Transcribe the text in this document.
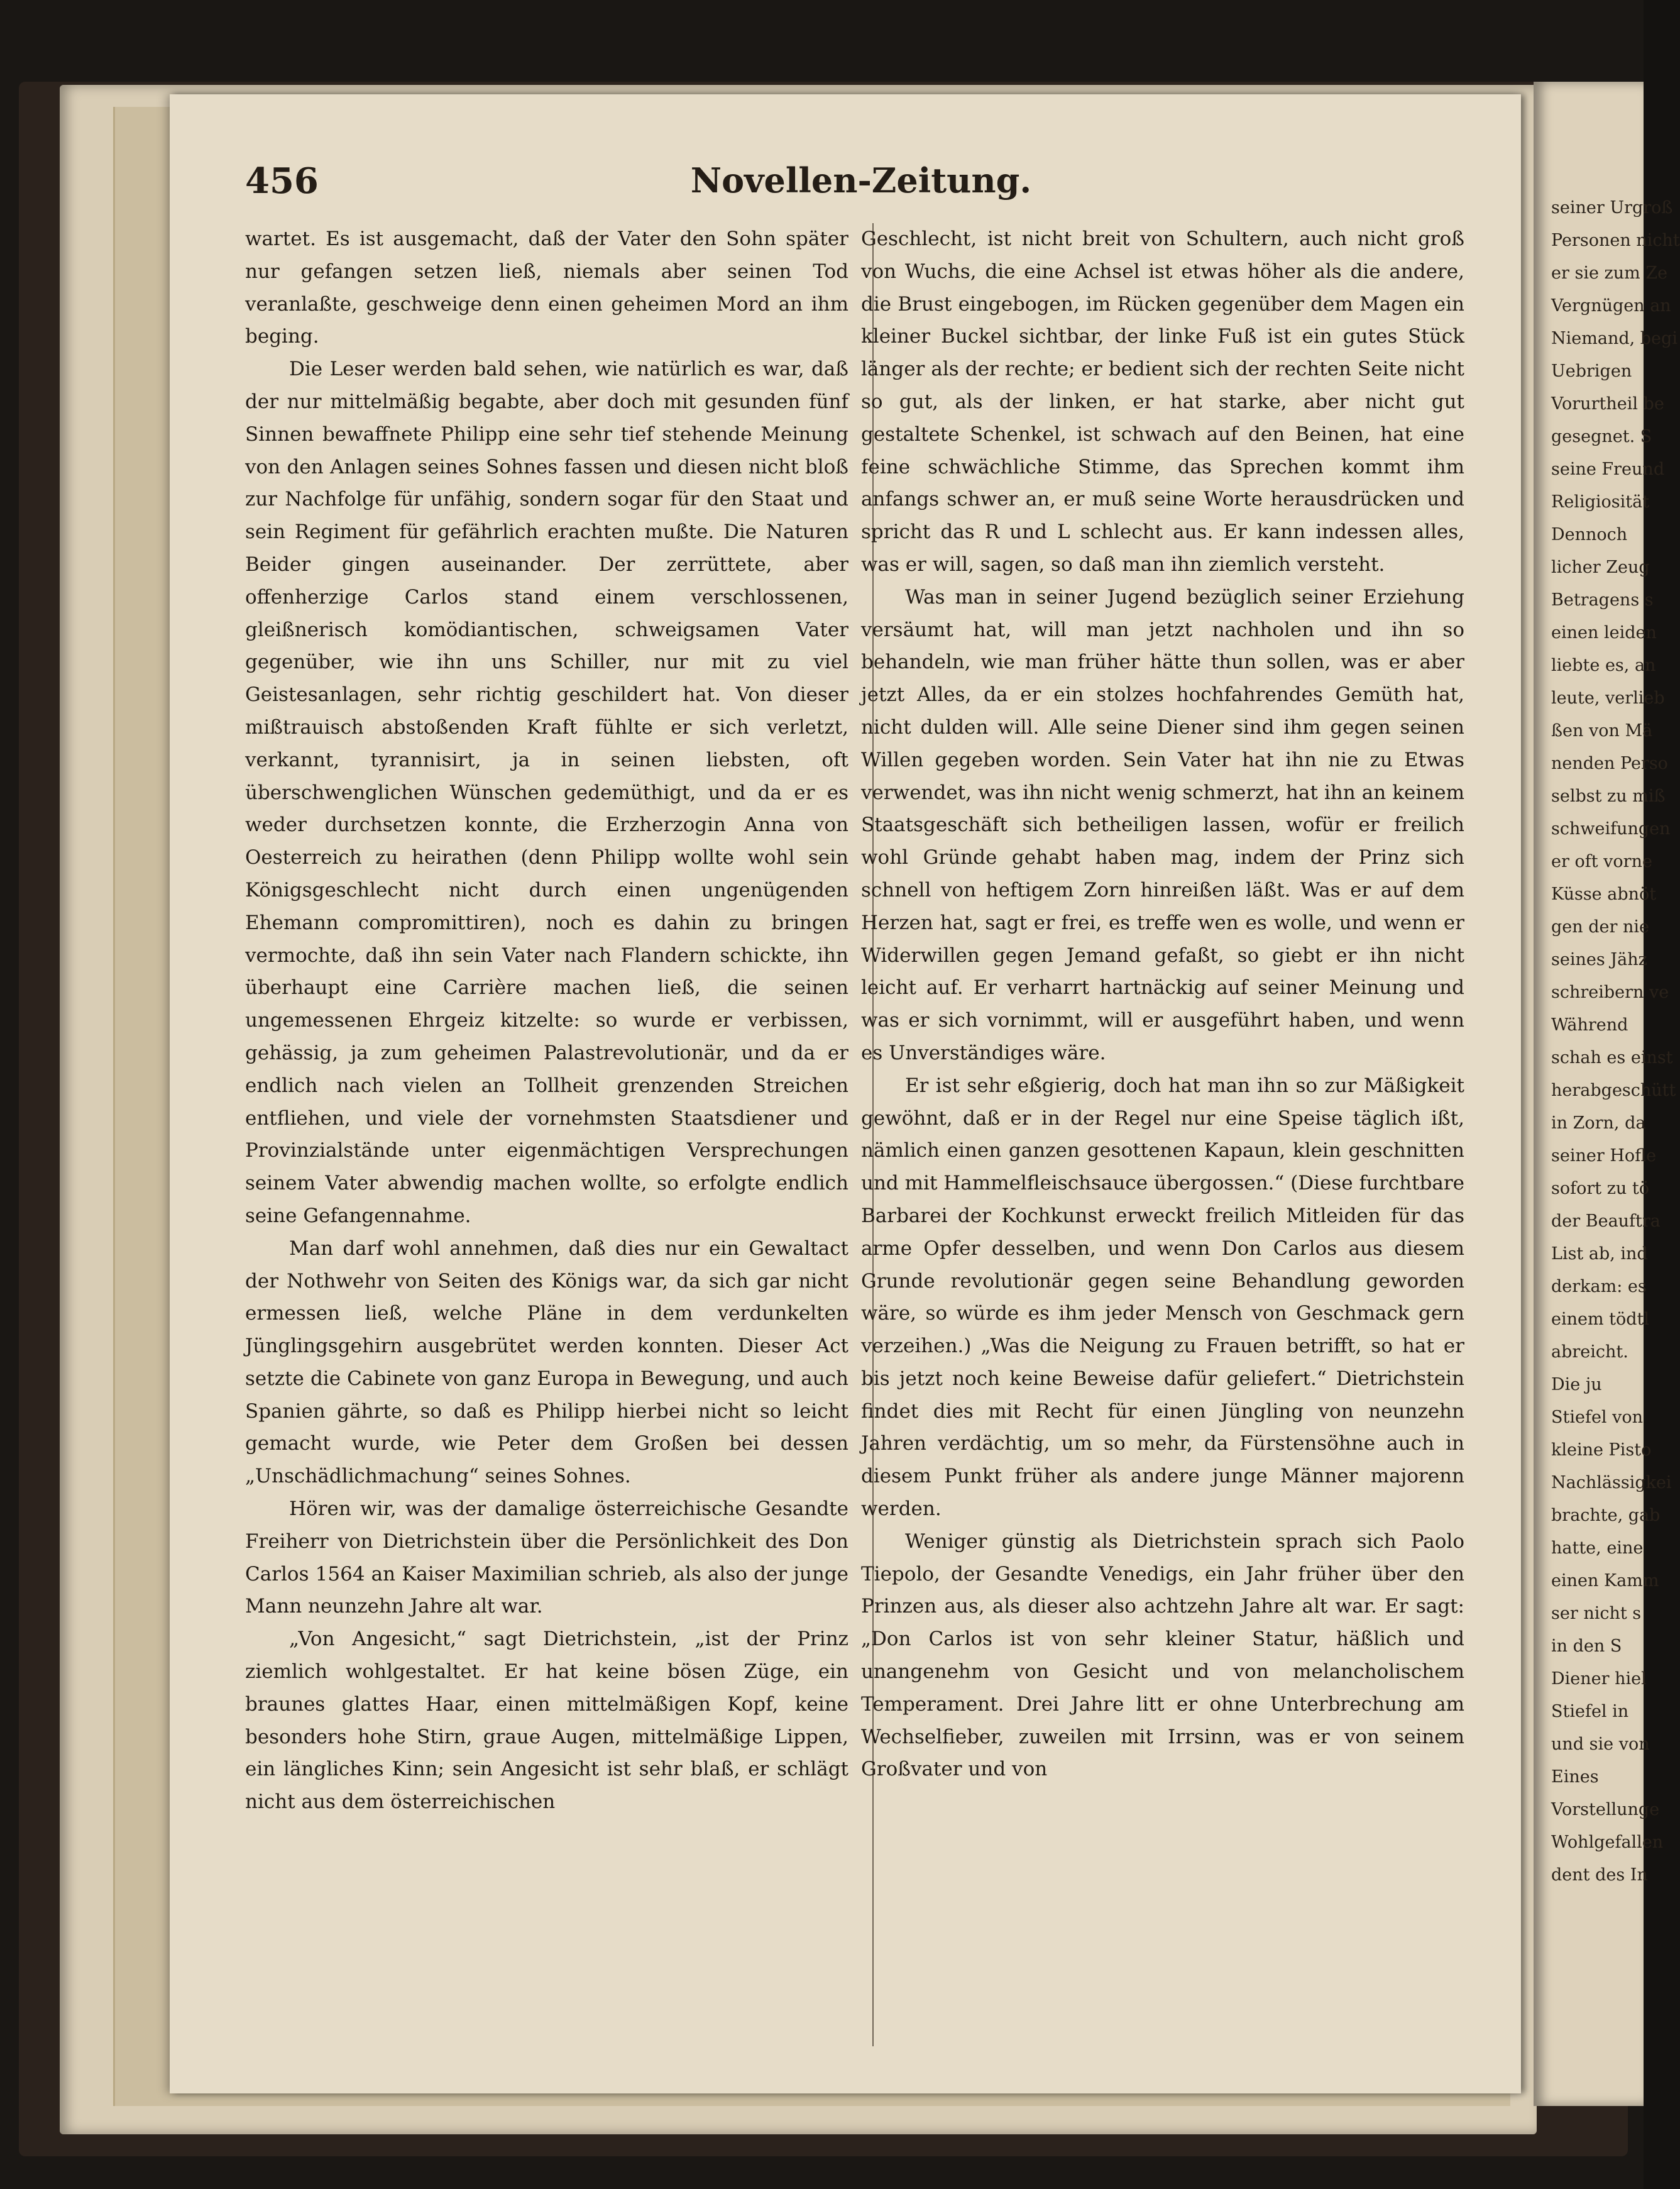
456	Novellen-Zeitung.

wartet. Es ist ausgemacht, daß der Vater den Sohn später nur gefangen setzen ließ, niemals aber seinen Tod veranlaßte, geschweige denn einen geheimen Mord an ihm beging.

Die Leser werden bald sehen, wie natürlich es war, daß der nur mittelmäßig begabte, aber doch mit gesunden fünf Sinnen bewaffnete Philipp eine sehr tief stehende Meinung von den Anlagen seines Sohnes fassen und diesen nicht bloß zur Nachfolge für unfähig, sondern sogar für den Staat und sein Regiment für gefährlich erachten mußte. Die Naturen Beider gingen auseinander. Der zerrüttete, aber offenherzige Carlos stand einem verschlossenen, gleißnerisch komödiantischen, schweigsamen Vater gegenüber, wie ihn uns Schiller, nur mit zu viel Geistesanlagen, sehr richtig geschildert hat. Von dieser mißtrauisch abstoßenden Kraft fühlte er sich verletzt, verkannt, tyrannisirt, ja in seinen liebsten, oft überschwenglichen Wünschen gedemüthigt, und da er es weder durchsetzen konnte, die Erzherzogin Anna von Oesterreich zu heirathen (denn Philipp wollte wohl sein Königsgeschlecht nicht durch einen ungenügenden Ehemann compromittiren), noch es dahin zu bringen vermochte, daß ihn sein Vater nach Flandern schickte, ihn überhaupt eine Carrière machen ließ, die seinen ungemessenen Ehrgeiz kitzelte: so wurde er verbissen, gehässig, ja zum geheimen Palastrevolutionär, und da er endlich nach vielen an Tollheit grenzenden Streichen entfliehen, und viele der vornehmsten Staatsdiener und Provinzialstände unter eigenmächtigen Versprechungen seinem Vater abwendig machen wollte, so erfolgte endlich seine Gefangennahme.

Man darf wohl annehmen, daß dies nur ein Gewaltact der Nothwehr von Seiten des Königs war, da sich gar nicht ermessen ließ, welche Pläne in dem verdunkelten Jünglingsgehirn ausgebrütet werden konnten. Dieser Act setzte die Cabinete von ganz Europa in Bewegung, und auch Spanien gährte, so daß es Philipp hierbei nicht so leicht gemacht wurde, wie Peter dem Großen bei dessen „Unschädlichmachung“ seines Sohnes.

Hören wir, was der damalige österreichische Gesandte Freiherr von Dietrichstein über die Persönlichkeit des Don Carlos 1564 an Kaiser Maximilian schrieb, als also der junge Mann neunzehn Jahre alt war.

„Von Angesicht,“ sagt Dietrichstein, „ist der Prinz ziemlich wohlgestaltet. Er hat keine bösen Züge, ein braunes glattes Haar, einen mittelmäßigen Kopf, keine besonders hohe Stirn, graue Augen, mittelmäßige Lippen, ein längliches Kinn; sein Angesicht ist sehr blaß, er schlägt nicht aus dem österreichischen

Geschlecht, ist nicht breit von Schultern, auch nicht groß von Wuchs, die eine Achsel ist etwas höher als die andere, die Brust eingebogen, im Rücken gegenüber dem Magen ein kleiner Buckel sichtbar, der linke Fuß ist ein gutes Stück länger als der rechte; er bedient sich der rechten Seite nicht so gut, als der linken, er hat starke, aber nicht gut gestaltete Schenkel, ist schwach auf den Beinen, hat eine feine schwächliche Stimme, das Sprechen kommt ihm anfangs schwer an, er muß seine Worte herausdrücken und spricht das R und L schlecht aus. Er kann indessen alles, was er will, sagen, so daß man ihn ziemlich versteht.

Was man in seiner Jugend bezüglich seiner Erziehung versäumt hat, will man jetzt nachholen und ihn so behandeln, wie man früher hätte thun sollen, was er aber jetzt Alles, da er ein stolzes hochfahrendes Gemüth hat, nicht dulden will. Alle seine Diener sind ihm gegen seinen Willen gegeben worden. Sein Vater hat ihn nie zu Etwas verwendet, was ihn nicht wenig schmerzt, hat ihn an keinem Staatsgeschäft sich betheiligen lassen, wofür er freilich wohl Gründe gehabt haben mag, indem der Prinz sich schnell von heftigem Zorn hinreißen läßt. Was er auf dem Herzen hat, sagt er frei, es treffe wen es wolle, und wenn er Widerwillen gegen Jemand gefaßt, so giebt er ihn nicht leicht auf. Er verharrt hartnäckig auf seiner Meinung und was er sich vornimmt, will er ausgeführt haben, und wenn es Unverständiges wäre.

Er ist sehr eßgierig, doch hat man ihn so zur Mäßigkeit gewöhnt, daß er in der Regel nur eine Speise täglich ißt, nämlich einen ganzen gesottenen Kapaun, klein geschnitten und mit Hammelfleischsauce übergossen.“ (Diese furchtbare Barbarei der Kochkunst erweckt freilich Mitleiden für das arme Opfer desselben, und wenn Don Carlos aus diesem Grunde revolutionär gegen seine Behandlung geworden wäre, so würde es ihm jeder Mensch von Geschmack gern verzeihen.) „Was die Neigung zu Frauen betrifft, so hat er bis jetzt noch keine Beweise dafür geliefert.“ Dietrichstein findet dies mit Recht für einen Jüngling von neunzehn Jahren verdächtig, um so mehr, da Fürstensöhne auch in diesem Punkt früher als andere junge Männer majorenn werden.

Weniger günstig als Dietrichstein sprach sich Paolo Tiepolo, der Gesandte Venedigs, ein Jahr früher über den Prinzen aus, als dieser also achtzehn Jahre alt war. Er sagt: „Don Carlos ist von sehr kleiner Statur, häßlich und unangenehm von Gesicht und von melancholischem Temperament. Drei Jahre litt er ohne Unterbrechung am Wechselfieber, zuweilen mit Irrsinn, was er von seinem Großvater und von

seiner Urgroß
Personen nicht
er sie zum Ze
Vergnügen an
Niemand, begi
Uebrigen
Vorurtheil be
gesegnet. S
seine Freund
Religiosität
Dennoch
licher Zeug
Betragens s
einen leiden
liebte es, an
leute, verlieb
ßen von Mä
nenden Perso
selbst zu miß
schweifungen
er oft vorne
Küsse abnöt
gen der nie
seines Jähz
schreibern ve
Während
schah es einst
herabgeschütt
in Zorn, da
seiner Hofle
sofort zu tö
der Beauftra
List ab, ind
derkam: es
einem tödtl
abreicht.
Die ju
Stiefel von
kleine Pisto
Nachlässigkei
brachte, gab
hatte, eine
einen Kamm
ser nicht s
in den S
Diener hiel
Stiefel in
und sie von
Eines
Vorstellunge
Wohlgefallen
dent des In
